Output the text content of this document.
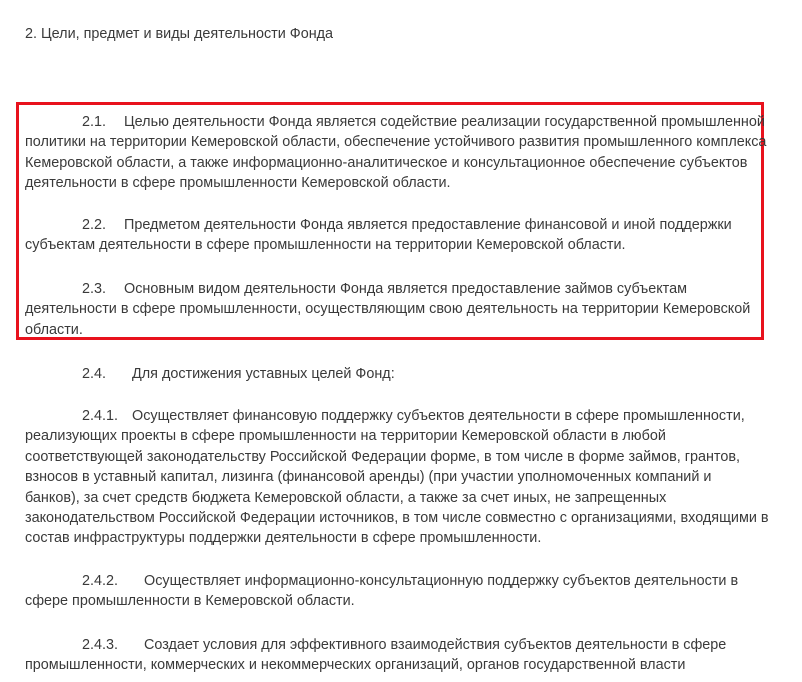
2. Цели, предмет и виды деятельности Фонда

2.1. Целью деятельности Фонда является содействие реализации государственной промышленной политики на территории Кемеровской области, обеспечение устойчивого развития промышленного комплекса Кемеровской области, а также информационно-аналитическое и консультационное обеспечение субъектов деятельности в сфере промышленности Кемеровской области.

2.2. Предметом деятельности Фонда является предоставление финансовой и иной поддержки субъектам деятельности в сфере промышленности на территории Кемеровской области.

2.3. Основным видом деятельности Фонда является предоставление займов субъектам деятельности в сфере промышленности, осуществляющим свою деятельность на территории Кемеровской области.

2.4. Для достижения уставных целей Фонд:

2.4.1. Осуществляет финансовую поддержку субъектов деятельности в сфере промышленности, реализующих проекты в сфере промышленности на территории Кемеровской области в любой соответствующей законодательству Российской Федерации форме, в том числе в форме займов, грантов, взносов в уставный капитал, лизинга (финансовой аренды) (при участии уполномоченных компаний и банков), за счет средств бюджета Кемеровской области, а также за счет иных, не запрещенных законодательством Российской Федерации источников, в том числе совместно с организациями, входящими в состав инфраструктуры поддержки деятельности в сфере промышленности.

2.4.2. Осуществляет информационно-консультационную поддержку субъектов деятельности в сфере промышленности в Кемеровской области.

2.4.3. Создает условия для эффективного взаимодействия субъектов деятельности в сфере промышленности, коммерческих и некоммерческих организаций, органов государственной власти
